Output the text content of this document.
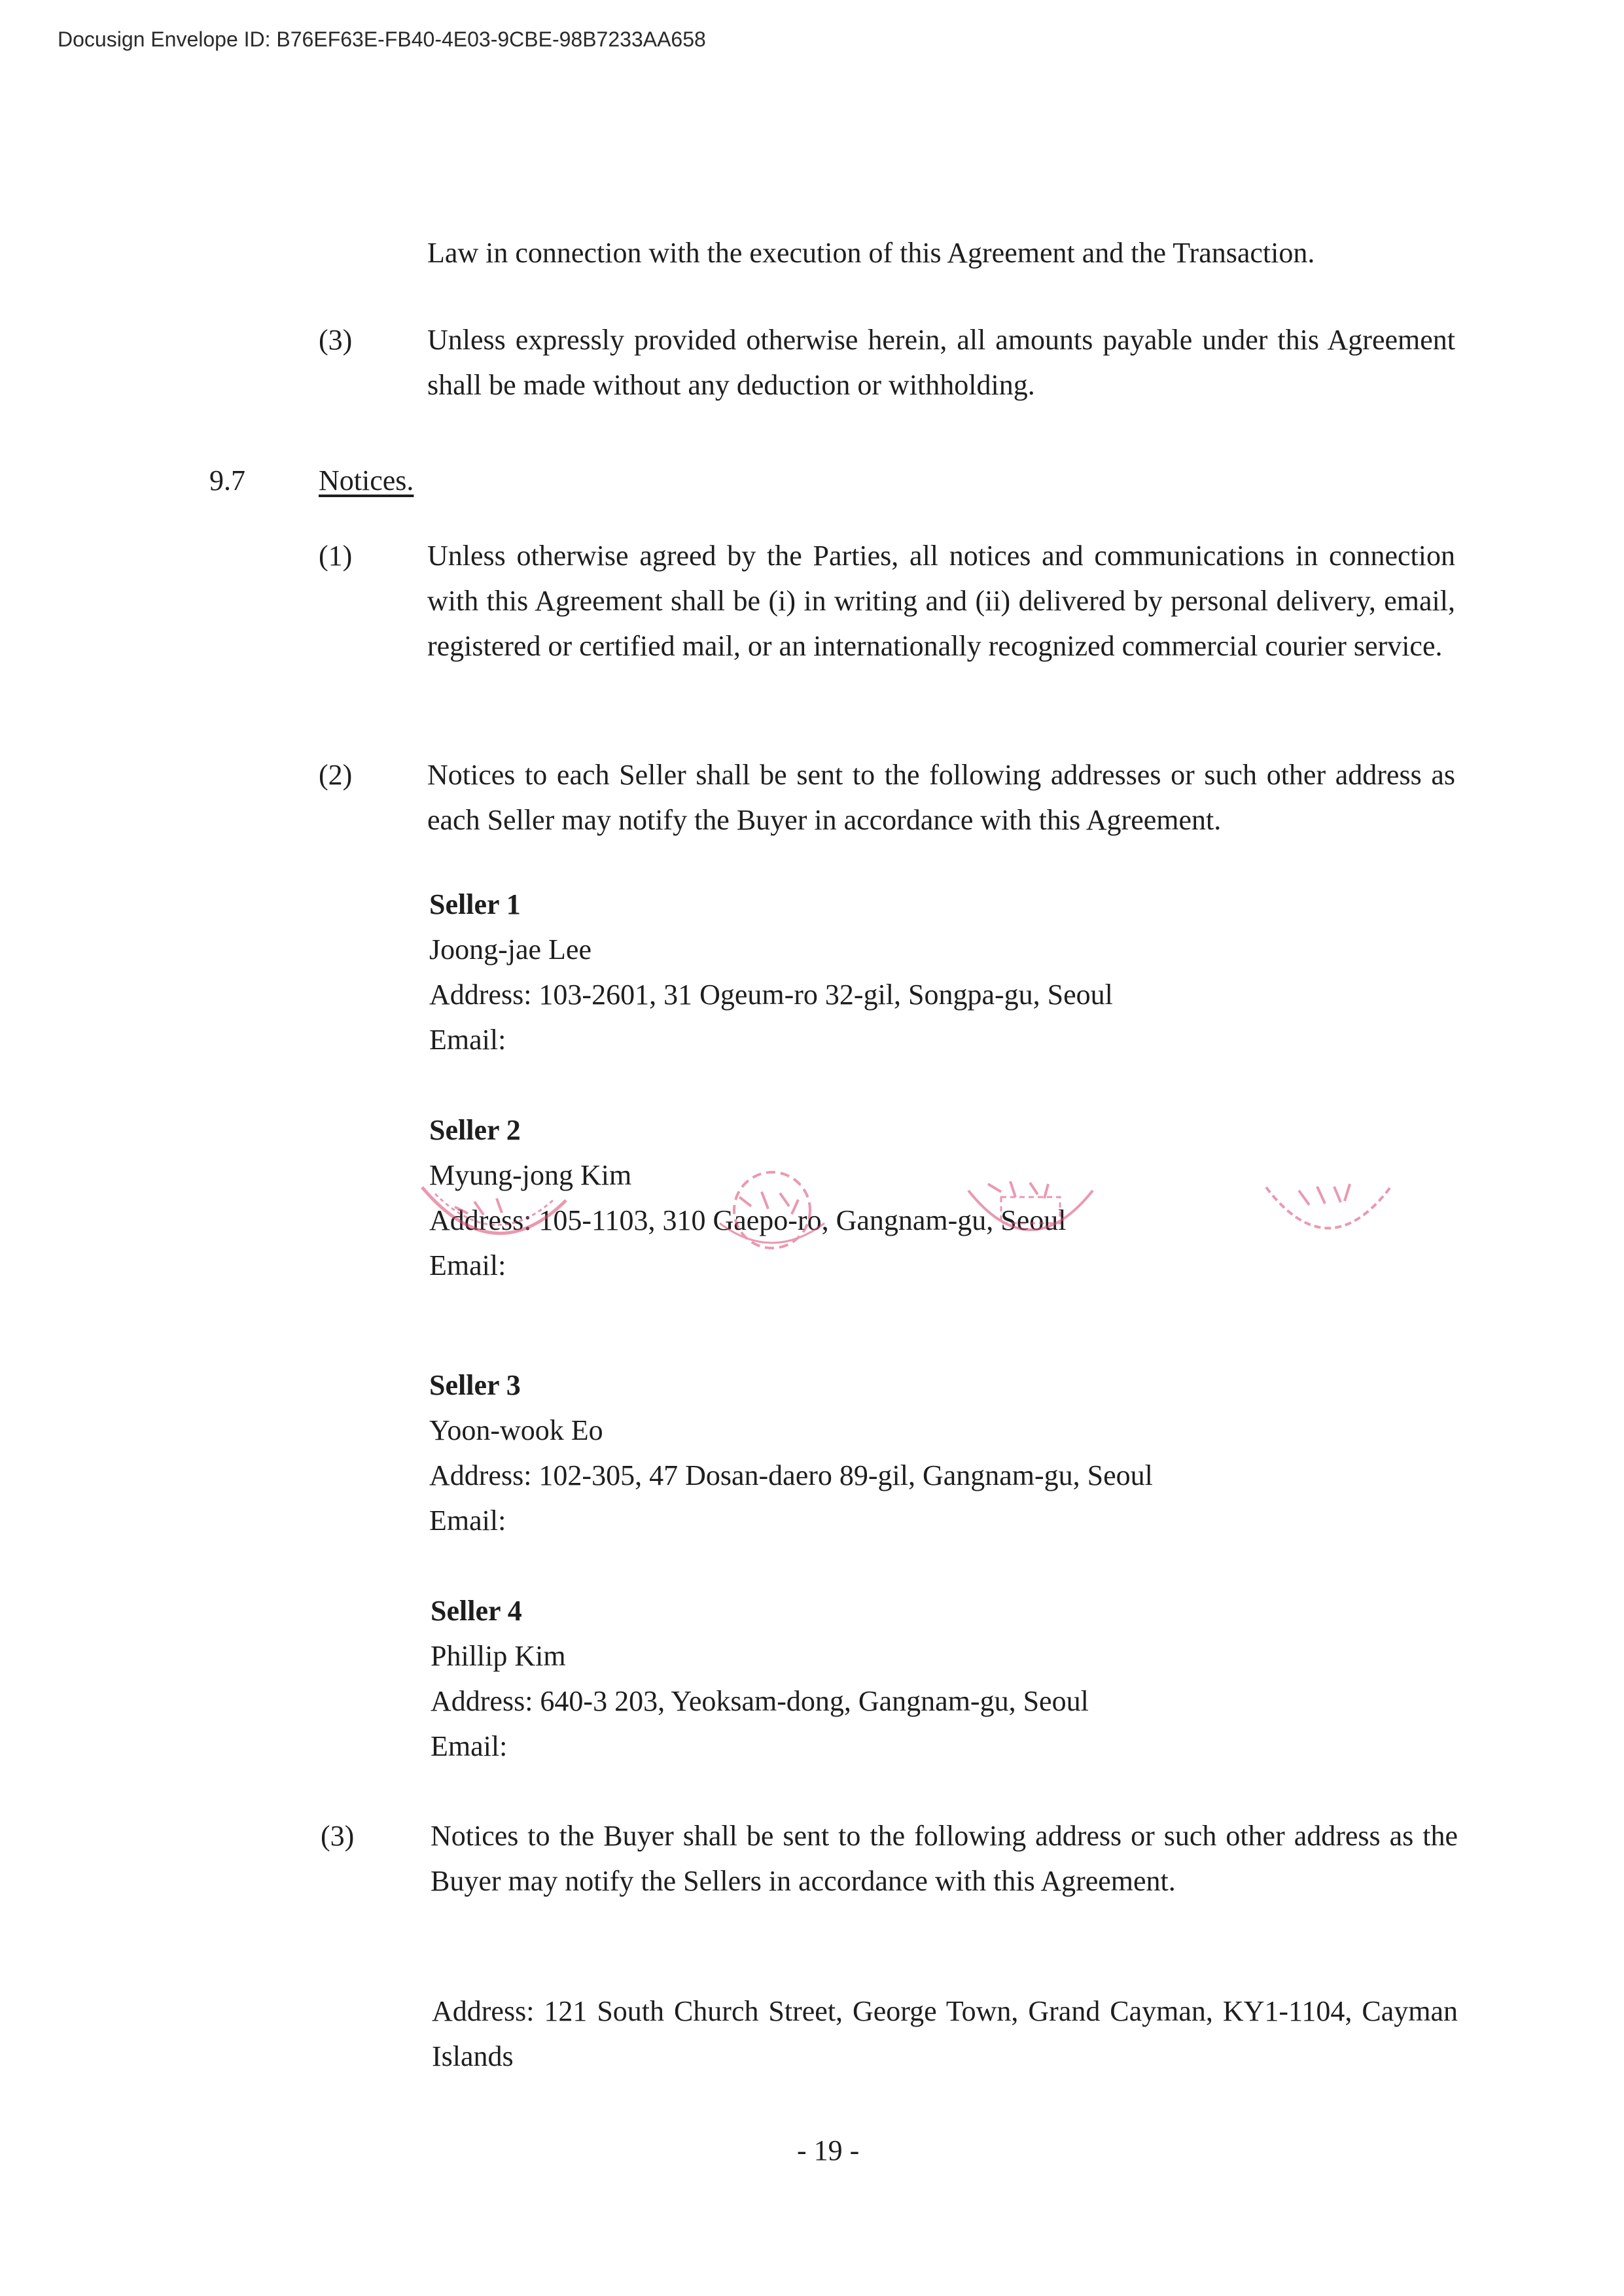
Docusign Envelope ID: B76EF63E-FB40-4E03-9CBE-98B7233AA658
Law in connection with the execution of this Agreement and the Transaction.
(3)	Unless expressly provided otherwise herein, all amounts payable under this Agreement shall be made without any deduction or withholding.
9.7	Notices.
(1)	Unless otherwise agreed by the Parties, all notices and communications in connection with this Agreement shall be (i) in writing and (ii) delivered by personal delivery, email, registered or certified mail, or an internationally recognized commercial courier service.
(2)	Notices to each Seller shall be sent to the following addresses or such other address as each Seller may notify the Buyer in accordance with this Agreement.
Seller 1
Joong-jae Lee
Address: 103-2601, 31 Ogeum-ro 32-gil, Songpa-gu, Seoul
Email:
Seller 2
Myung-jong Kim
Address: 105-1103, 310 Gaepo-ro, Gangnam-gu, Seoul
Email:
Seller 3
Yoon-wook Eo
Address: 102-305, 47 Dosan-daero 89-gil, Gangnam-gu, Seoul
Email:
Seller 4
Phillip Kim
Address: 640-3 203, Yeoksam-dong, Gangnam-gu, Seoul
Email:
(3)	Notices to the Buyer shall be sent to the following address or such other address as the Buyer may notify the Sellers in accordance with this Agreement.
Address: 121 South Church Street, George Town, Grand Cayman, KY1-1104, Cayman Islands
- 19 -
